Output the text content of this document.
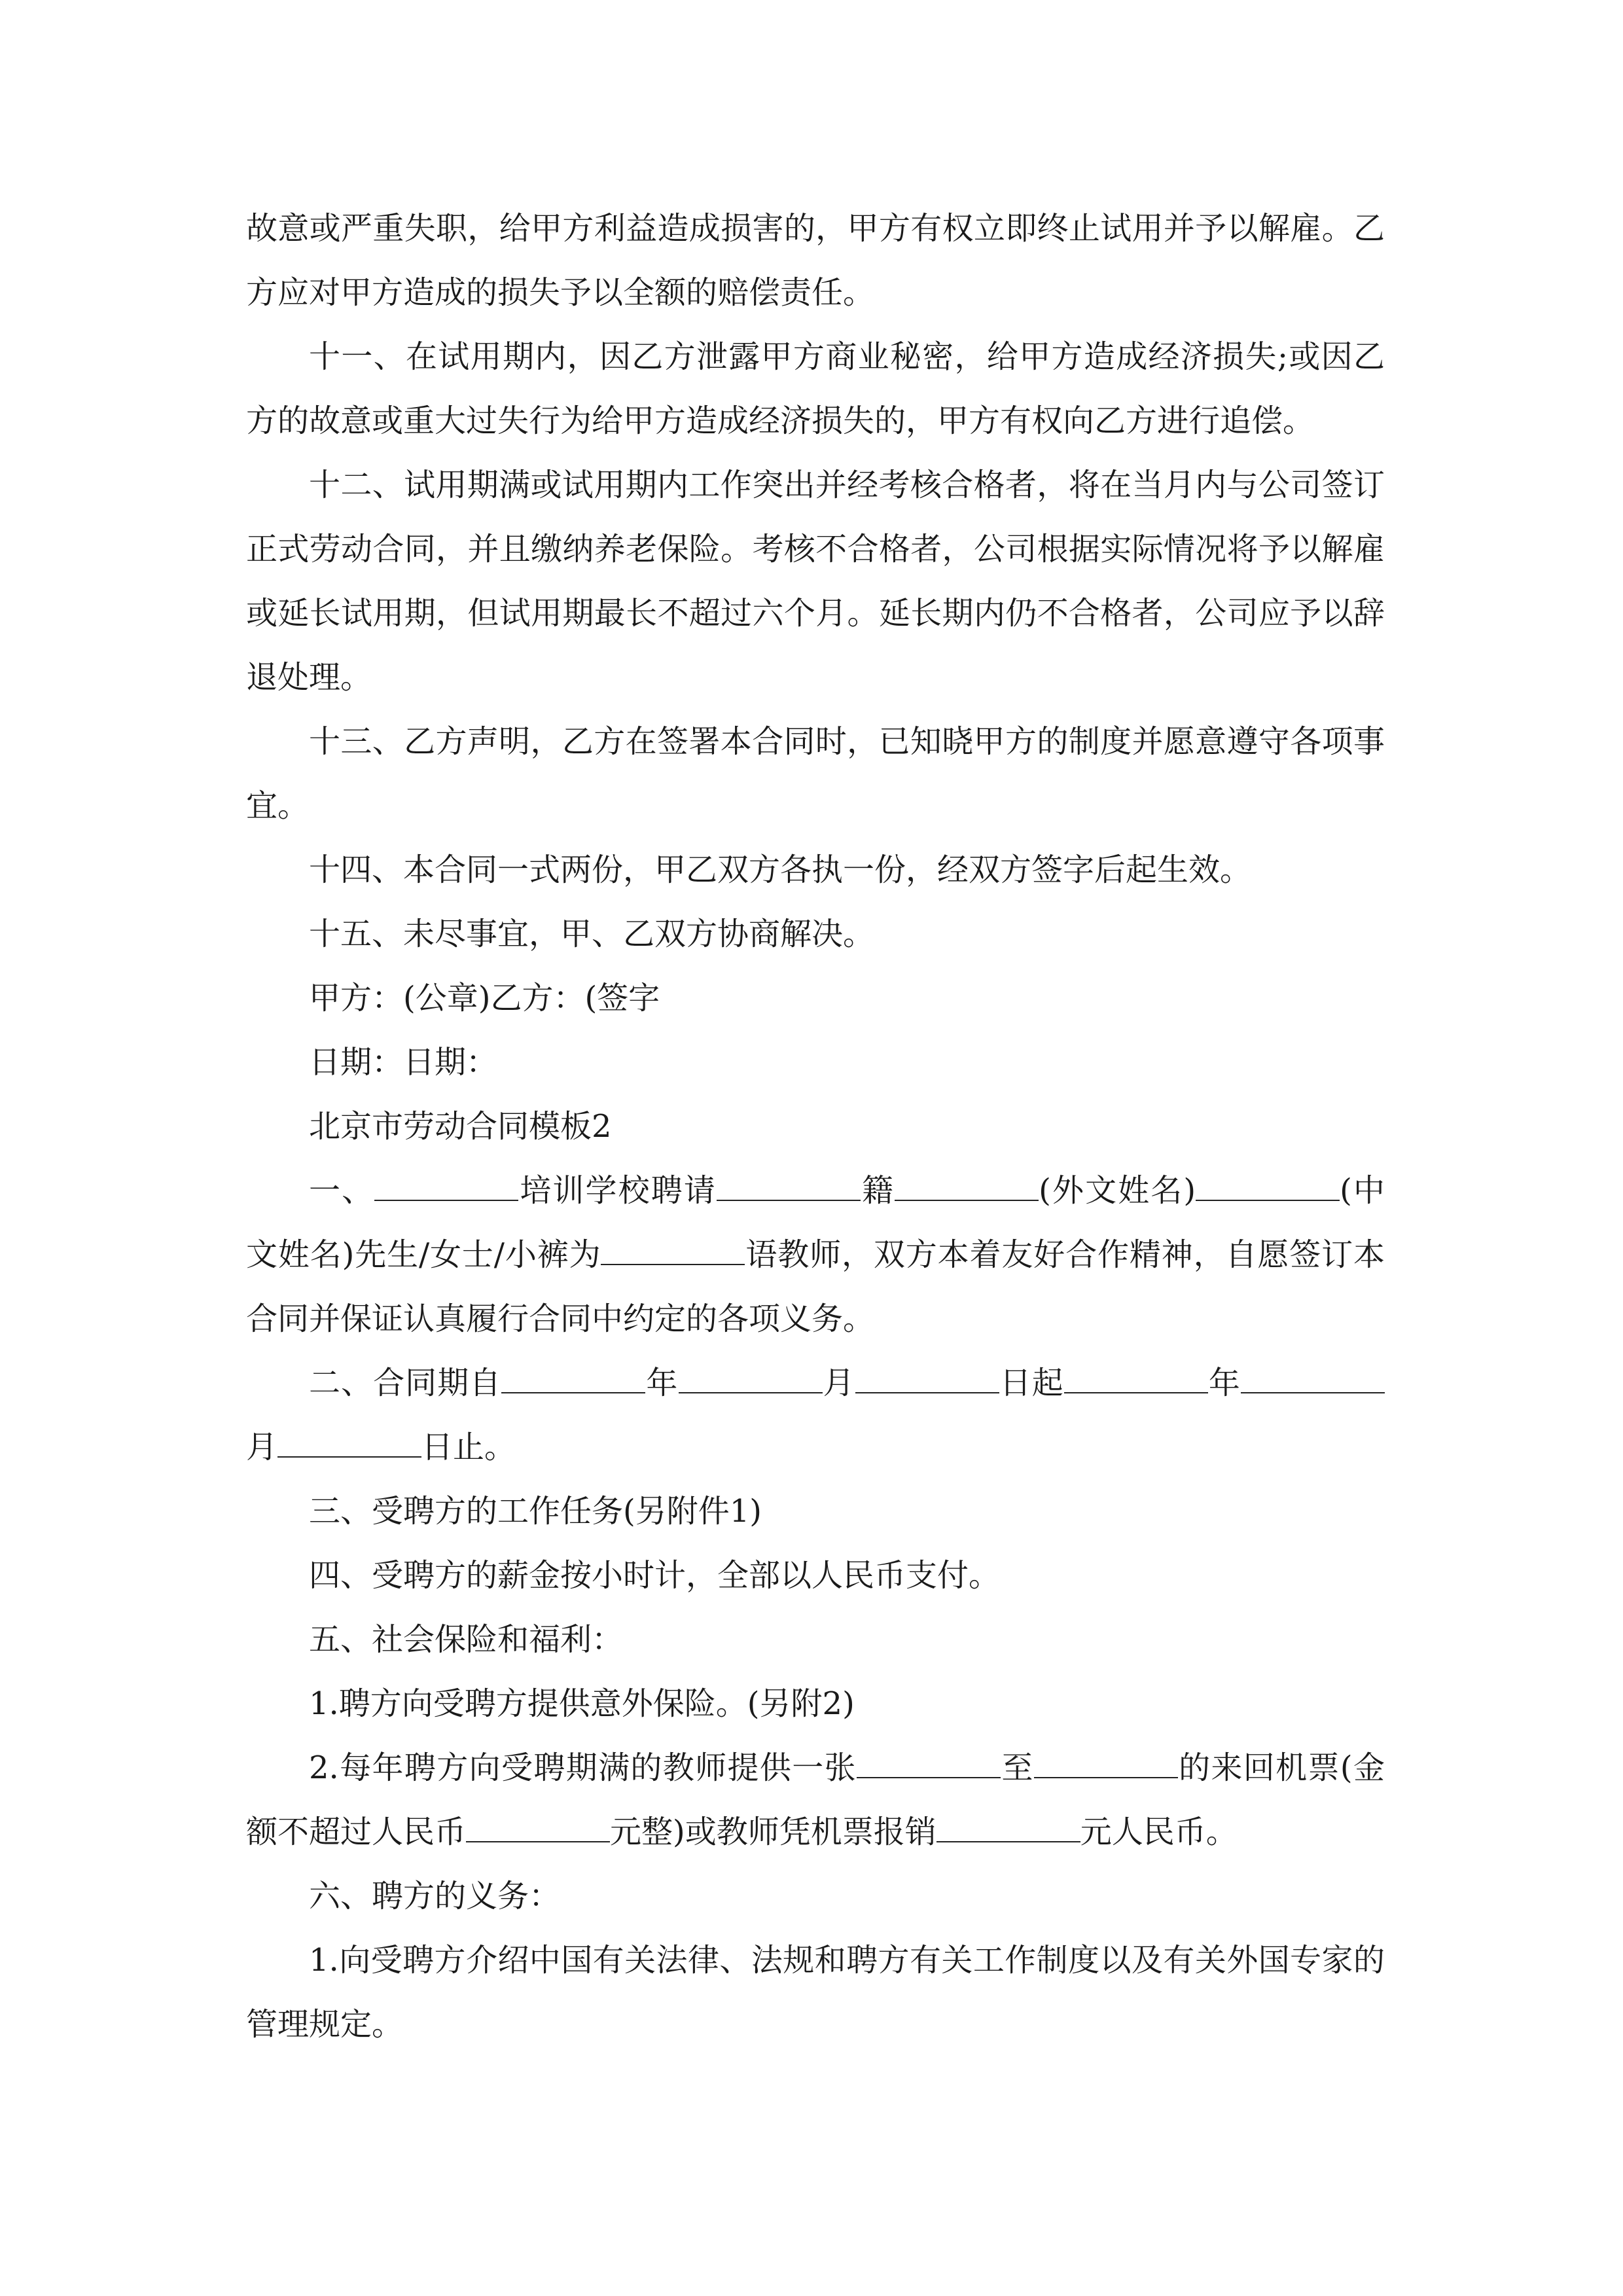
故意或严重失职，给甲方利益造成损害的，甲方有权立即终止试用并予以解雇。乙方应对甲方造成的损失予以全额的赔偿责任。

十一、在试用期内，因乙方泄露甲方商业秘密，给甲方造成经济损失;或因乙方的故意或重大过失行为给甲方造成经济损失的，甲方有权向乙方进行追偿。

十二、试用期满或试用期内工作突出并经考核合格者，将在当月内与公司签订正式劳动合同，并且缴纳养老保险。考核不合格者，公司根据实际情况将予以解雇或延长试用期，但试用期最长不超过六个月。延长期内仍不合格者，公司应予以辞退处理。

十三、乙方声明，乙方在签署本合同时，已知晓甲方的制度并愿意遵守各项事宜。

十四、本合同一式两份，甲乙双方各执一份，经双方签字后起生效。

十五、未尽事宜，甲、乙双方协商解决。

甲方：(公章)乙方：(签字

日期：日期：

北京市劳动合同模板2

一、	培训学校聘请	籍	(外文姓名)	(中文姓名)先生/女士/小裤为	语教师，双方本着友好合作精神，自愿签订本合同并保证认真履行合同中约定的各项义务。

二、合同期自	年	月	日起	年月	日止。

三、受聘方的工作任务(另附件1)

四、受聘方的薪金按小时计，全部以人民币支付。

五、社会保险和福利：

1.聘方向受聘方提供意外保险。(另附2)

2.每年聘方向受聘期满的教师提供一张	至	的来回机票(金额不超过人民币	元整)或教师凭机票报销	元人民币。

六、聘方的义务：

1.向受聘方介绍中国有关法律、法规和聘方有关工作制度以及有关外国专家的管理规定。
